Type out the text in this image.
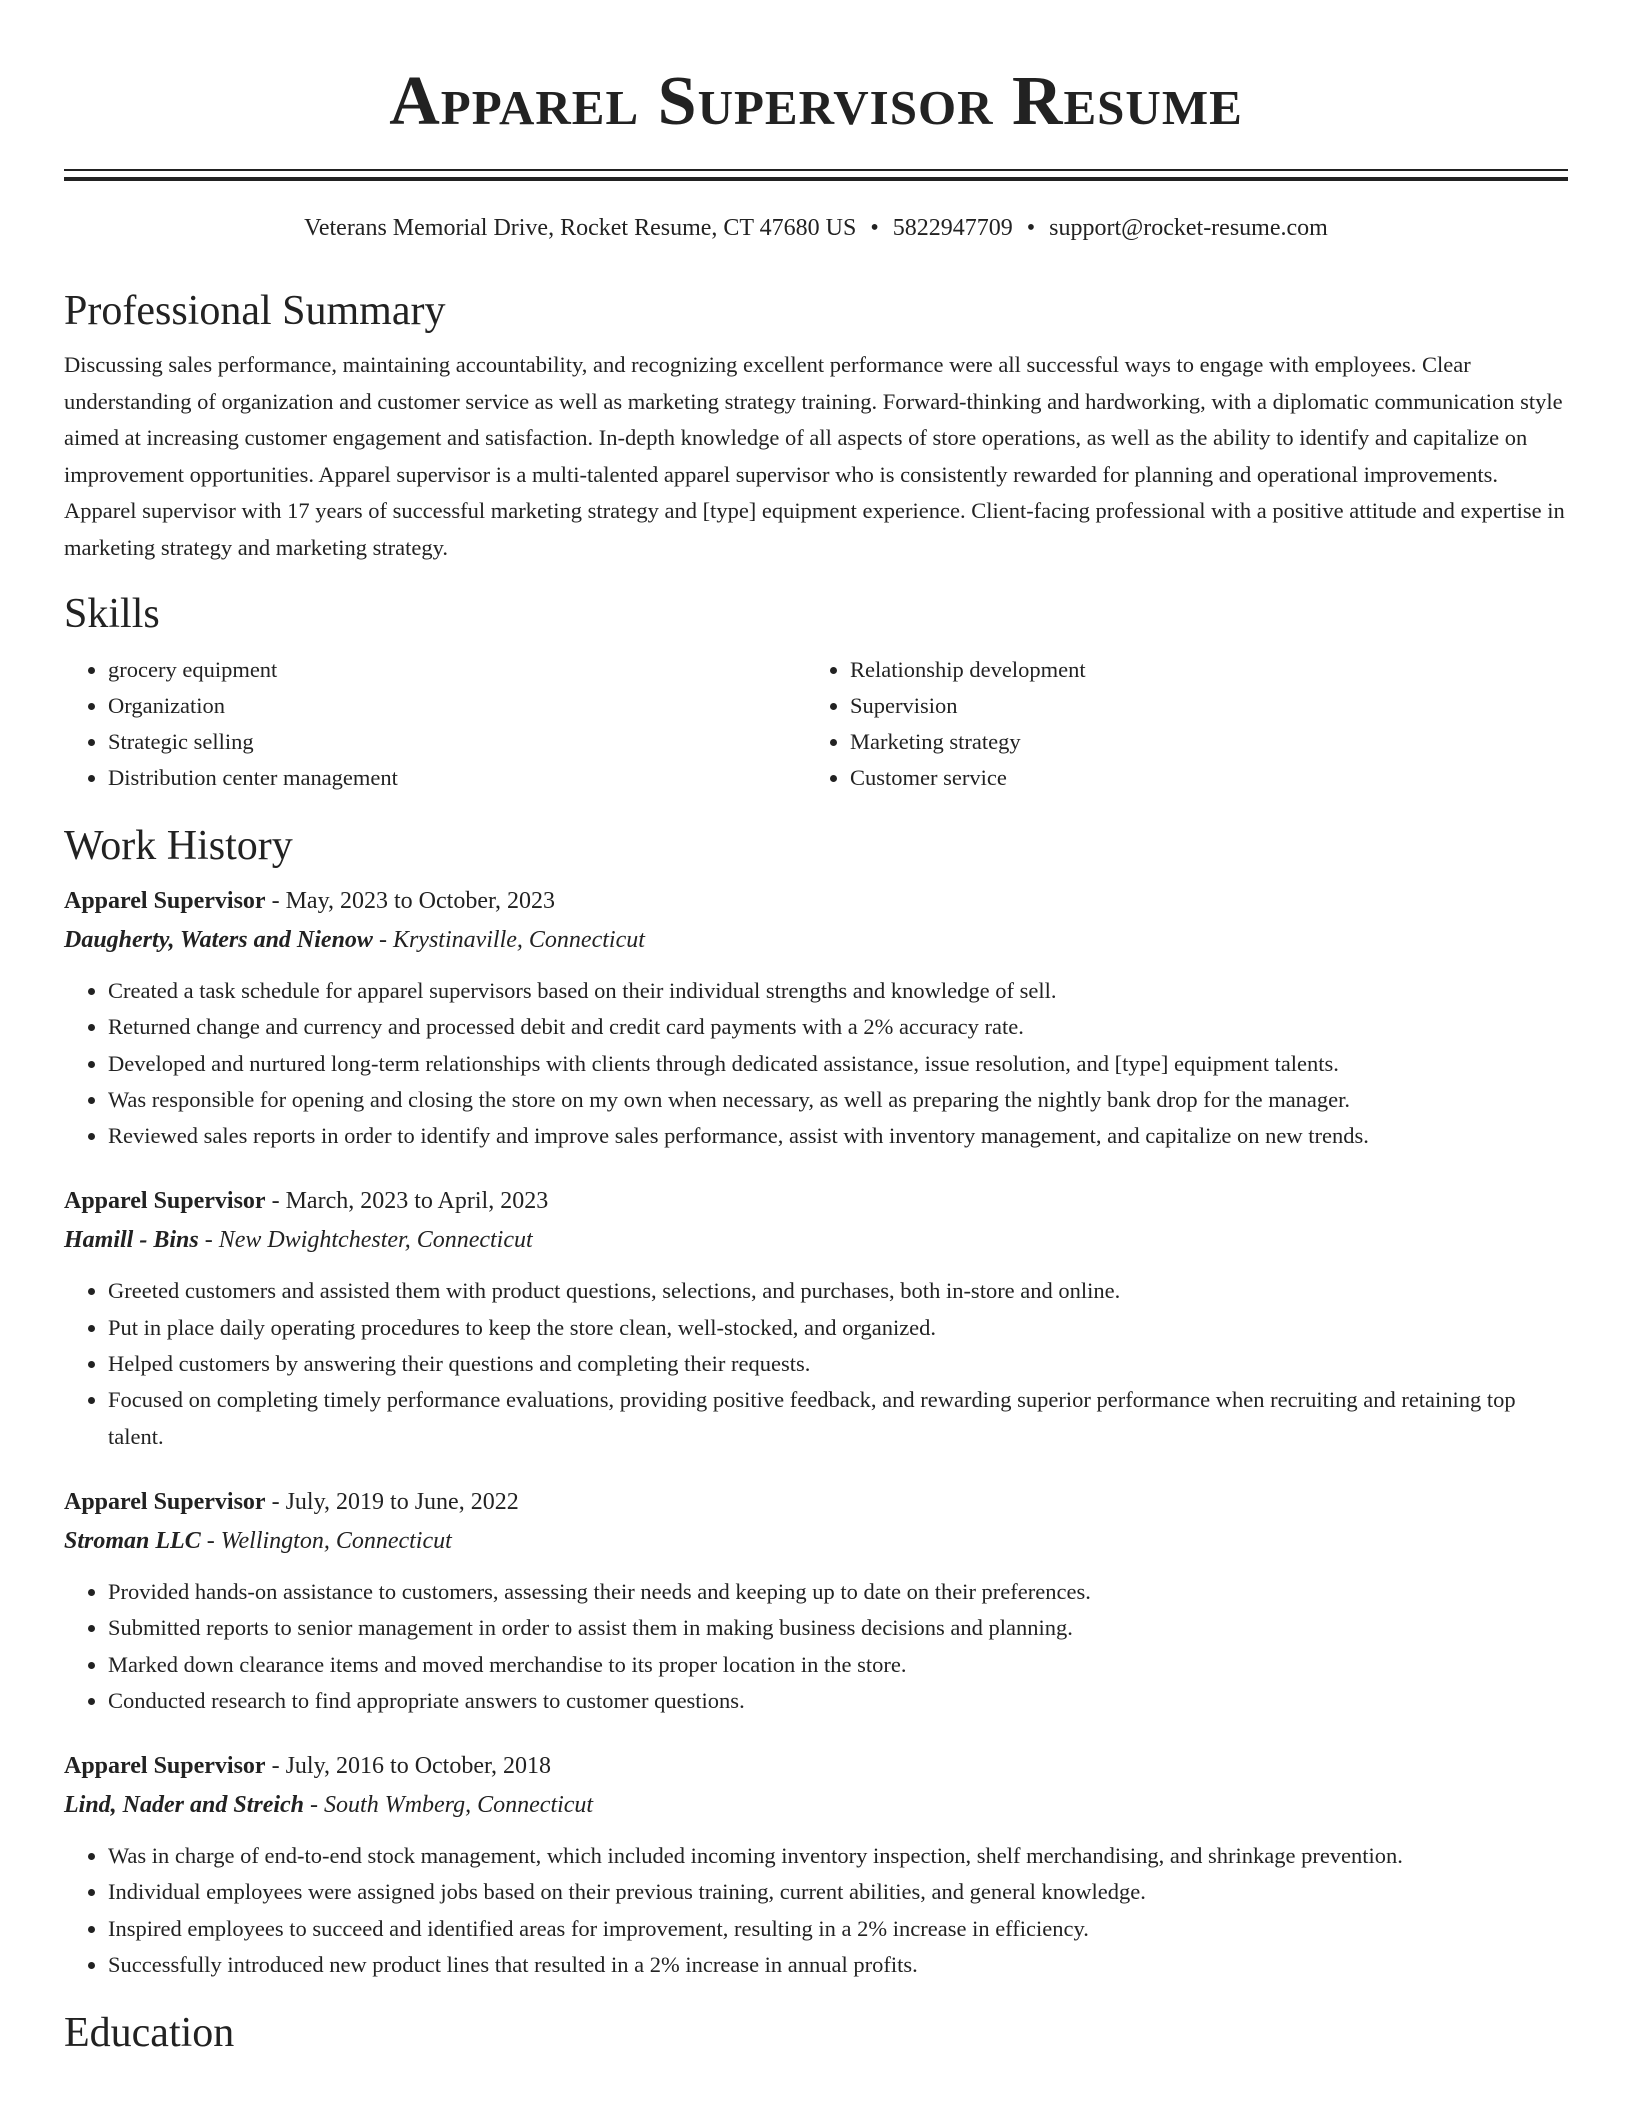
Apparel Supervisor Resume
Veterans Memorial Drive, Rocket Resume, CT 47680 US • 5822947709 • support@rocket-resume.com
Professional Summary
Discussing sales performance, maintaining accountability, and recognizing excellent performance were all successful ways to engage with employees. Clear understanding of organization and customer service as well as marketing strategy training. Forward-thinking and hardworking, with a diplomatic communication style aimed at increasing customer engagement and satisfaction. In-depth knowledge of all aspects of store operations, as well as the ability to identify and capitalize on improvement opportunities. Apparel supervisor is a multi-talented apparel supervisor who is consistently rewarded for planning and operational improvements. Apparel supervisor with 17 years of successful marketing strategy and [type] equipment experience. Client-facing professional with a positive attitude and expertise in marketing strategy and marketing strategy.
Skills
• grocery equipment
• Organization
• Strategic selling
• Distribution center management
• Relationship development
• Supervision
• Marketing strategy
• Customer service
Work History
Apparel Supervisor - May, 2023 to October, 2023
Daugherty, Waters and Nienow - Krystinaville, Connecticut
• Created a task schedule for apparel supervisors based on their individual strengths and knowledge of sell.
• Returned change and currency and processed debit and credit card payments with a 2% accuracy rate.
• Developed and nurtured long-term relationships with clients through dedicated assistance, issue resolution, and [type] equipment talents.
• Was responsible for opening and closing the store on my own when necessary, as well as preparing the nightly bank drop for the manager.
• Reviewed sales reports in order to identify and improve sales performance, assist with inventory management, and capitalize on new trends.
Apparel Supervisor - March, 2023 to April, 2023
Hamill - Bins - New Dwightchester, Connecticut
• Greeted customers and assisted them with product questions, selections, and purchases, both in-store and online.
• Put in place daily operating procedures to keep the store clean, well-stocked, and organized.
• Helped customers by answering their questions and completing their requests.
• Focused on completing timely performance evaluations, providing positive feedback, and rewarding superior performance when recruiting and retaining top talent.
Apparel Supervisor - July, 2019 to June, 2022
Stroman LLC - Wellington, Connecticut
• Provided hands-on assistance to customers, assessing their needs and keeping up to date on their preferences.
• Submitted reports to senior management in order to assist them in making business decisions and planning.
• Marked down clearance items and moved merchandise to its proper location in the store.
• Conducted research to find appropriate answers to customer questions.
Apparel Supervisor - July, 2016 to October, 2018
Lind, Nader and Streich - South Wmberg, Connecticut
• Was in charge of end-to-end stock management, which included incoming inventory inspection, shelf merchandising, and shrinkage prevention.
• Individual employees were assigned jobs based on their previous training, current abilities, and general knowledge.
• Inspired employees to succeed and identified areas for improvement, resulting in a 2% increase in efficiency.
• Successfully introduced new product lines that resulted in a 2% increase in annual profits.
Education
